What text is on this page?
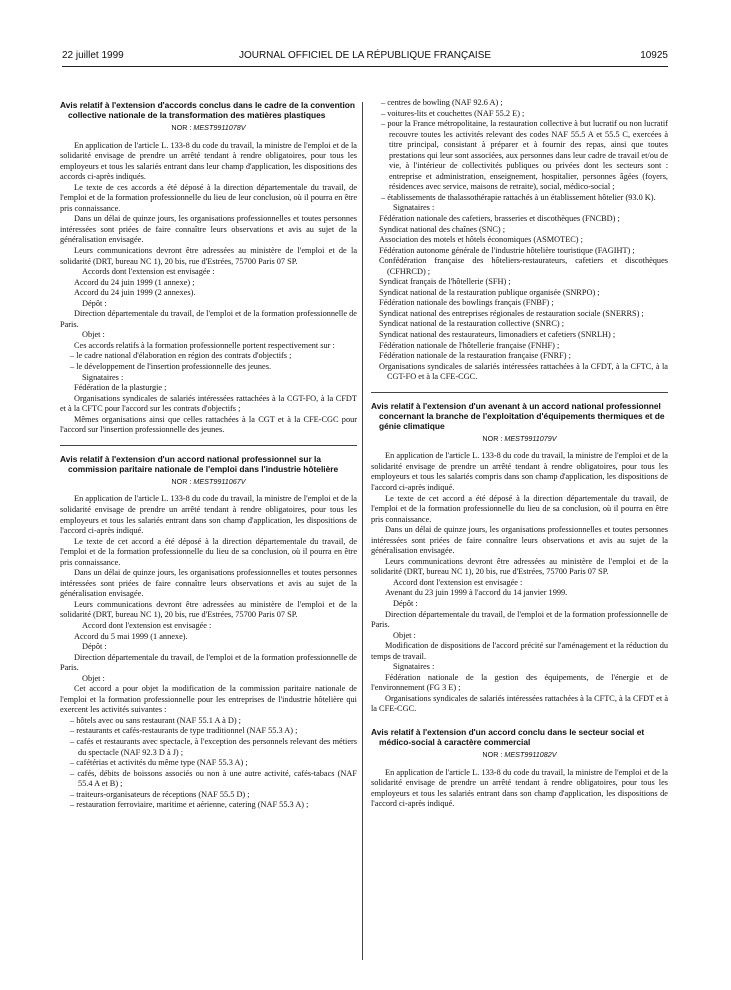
22 juillet 1999	JOURNAL OFFICIEL DE LA RÉPUBLIQUE FRANÇAISE	10925

Avis relatif à l'extension d'accords conclus dans le cadre de la convention collective nationale de la transformation des matières plastiques

NOR : MEST9911078V

En application de l'article L. 133-8 du code du travail, la ministre de l'emploi et de la solidarité envisage de prendre un arrêté tendant à rendre obligatoires, pour tous les employeurs et tous les salariés entrant dans leur champ d'application, les dispositions des accords ci-après indiqués.

Le texte de ces accords a été déposé à la direction départementale du travail, de l'emploi et de la formation professionnelle du lieu de leur conclusion, où il pourra en être pris connaissance.

Dans un délai de quinze jours, les organisations professionnelles et toutes personnes intéressées sont priées de faire connaître leurs observations et avis au sujet de la généralisation envisagée.

Leurs communications devront être adressées au ministère de l'emploi et de la solidarité (DRT, bureau NC 1), 20 bis, rue d'Estrées, 75700 Paris 07 SP.

Accords dont l'extension est envisagée :

Accord du 24 juin 1999 (1 annexe) ;

Accord du 24 juin 1999 (2 annexes).

Dépôt :

Direction départementale du travail, de l'emploi et de la formation professionnelle de Paris.

Objet :

Ces accords relatifs à la formation professionnelle portent respectivement sur :

– le cadre national d'élaboration en région des contrats d'objectifs ;

– le développement de l'insertion professionnelle des jeunes.

Signataires :

Fédération de la plasturgie ;

Organisations syndicales de salariés intéressées rattachées à la CGT-FO, à la CFDT et à la CFTC pour l'accord sur les contrats d'objectifs ;

Mêmes organisations ainsi que celles rattachées à la CGT et à la CFE-CGC pour l'accord sur l'insertion professionnelle des jeunes.

Avis relatif à l'extension d'un accord national professionnel sur la commission paritaire nationale de l'emploi dans l'industrie hôtelière

NOR : MEST9911067V

En application de l'article L. 133-8 du code du travail, la ministre de l'emploi et de la solidarité envisage de prendre un arrêté tendant à rendre obligatoires, pour tous les employeurs et tous les salariés entrant dans son champ d'application, les dispositions de l'accord ci-après indiqué.

Le texte de cet accord a été déposé à la direction départementale du travail, de l'emploi et de la formation professionnelle du lieu de sa conclusion, où il pourra en être pris connaissance.

Dans un délai de quinze jours, les organisations professionnelles et toutes personnes intéressées sont priées de faire connaître leurs observations et avis au sujet de la généralisation envisagée.

Leurs communications devront être adressées au ministère de l'emploi et de la solidarité (DRT, bureau NC 1), 20 bis, rue d'Estrées, 75700 Paris 07 SP.

Accord dont l'extension est envisagée :

Accord du 5 mai 1999 (1 annexe).

Dépôt :

Direction départementale du travail, de l'emploi et de la formation professionnelle de Paris.

Objet :

Cet accord a pour objet la modification de la commission paritaire nationale de l'emploi et la formation professionnelle pour les entreprises de l'industrie hôtelière qui exercent les activités suivantes :

– hôtels avec ou sans restaurant (NAF 55.1 A à D) ;

– restaurants et cafés-restaurants de type traditionnel (NAF 55.3 A) ;

– cafés et restaurants avec spectacle, à l'exception des personnels relevant des métiers du spectacle (NAF 92.3 D à J) ;

– cafétérias et activités du même type (NAF 55.3 A) ;

– cafés, débits de boissons associés ou non à une autre activité, cafés-tabacs (NAF 55.4 A et B) ;

– traiteurs-organisateurs de réceptions (NAF 55.5 D) ;

– restauration ferroviaire, maritime et aérienne, catering (NAF 55.3 A) ;

– centres de bowling (NAF 92.6 A) ;

– voitures-lits et couchettes (NAF 55.2 E) ;

– pour la France métropolitaine, la restauration collective à but lucratif ou non lucratif recouvre toutes les activités relevant des codes NAF 55.5 A et 55.5 C, exercées à titre principal, consistant à préparer et à fournir des repas, ainsi que toutes prestations qui leur sont associées, aux personnes dans leur cadre de travail et/ou de vie, à l'intérieur de collectivités publiques ou privées dont les secteurs sont : entreprise et administration, enseignement, hospitalier, personnes âgées (foyers, résidences avec service, maisons de retraite), social, médico-social ;

– établissements de thalassothérapie rattachés à un établissement hôtelier (93.0 K).

Signataires :

Fédération nationale des cafetiers, brasseries et discothèques (FNCBD) ;

Syndicat national des chaînes (SNC) ;

Association des motels et hôtels économiques (ASMOTEC) ;

Fédération autonome générale de l'industrie hôtelière touristique (FAGIHT) ;

Confédération française des hôteliers-restaurateurs, cafetiers et discothèques (CFHRCD) ;

Syndicat français de l'hôtellerie (SFH) ;

Syndicat national de la restauration publique organisée (SNRPO) ;

Fédération nationale des bowlings français (FNBF) ;

Syndicat national des entreprises régionales de restauration sociale (SNERRS) ;

Syndicat national de la restauration collective (SNRC) ;

Syndicat national des restaurateurs, limonadiers et cafetiers (SNRLH) ;

Fédération nationale de l'hôtellerie française (FNHF) ;

Fédération nationale de la restauration française (FNRF) ;

Organisations syndicales de salariés intéressées rattachées à la CFDT, à la CFTC, à la CGT-FO et à la CFE-CGC.

Avis relatif à l'extension d'un avenant à un accord national professionnel concernant la branche de l'exploitation d'équipements thermiques et de génie climatique

NOR : MEST9911079V

En application de l'article L. 133-8 du code du travail, la ministre de l'emploi et de la solidarité envisage de prendre un arrêté tendant à rendre obligatoires, pour tous les employeurs et tous les salariés compris dans son champ d'application, les dispositions de l'accord ci-après indiqué.

Le texte de cet accord a été déposé à la direction départementale du travail, de l'emploi et de la formation professionnelle du lieu de sa conclusion, où il pourra en être pris connaissance.

Dans un délai de quinze jours, les organisations professionnelles et toutes personnes intéressées sont priées de faire connaître leurs observations et avis au sujet de la généralisation envisagée.

Leurs communications devront être adressées au ministère de l'emploi et de la solidarité (DRT, bureau NC 1), 20 bis, rue d'Estrées, 75700 Paris 07 SP.

Accord dont l'extension est envisagée :

Avenant du 23 juin 1999 à l'accord du 14 janvier 1999.

Dépôt :

Direction départementale du travail, de l'emploi et de la formation professionnelle de Paris.

Objet :

Modification de dispositions de l'accord précité sur l'aménagement et la réduction du temps de travail.

Signataires :

Fédération nationale de la gestion des équipements, de l'énergie et de l'environnement (FG 3 E) ;

Organisations syndicales de salariés intéressées rattachées à la CFTC, à la CFDT et à la CFE-CGC.

Avis relatif à l'extension d'un accord conclu dans le secteur social et médico-social à caractère commercial

NOR : MEST9911082V

En application de l'article L. 133-8 du code du travail, la ministre de l'emploi et de la solidarité envisage de prendre un arrêté tendant à rendre obligatoires, pour tous les employeurs et tous les salariés entrant dans son champ d'application, les dispositions de l'accord ci-après indiqué.
